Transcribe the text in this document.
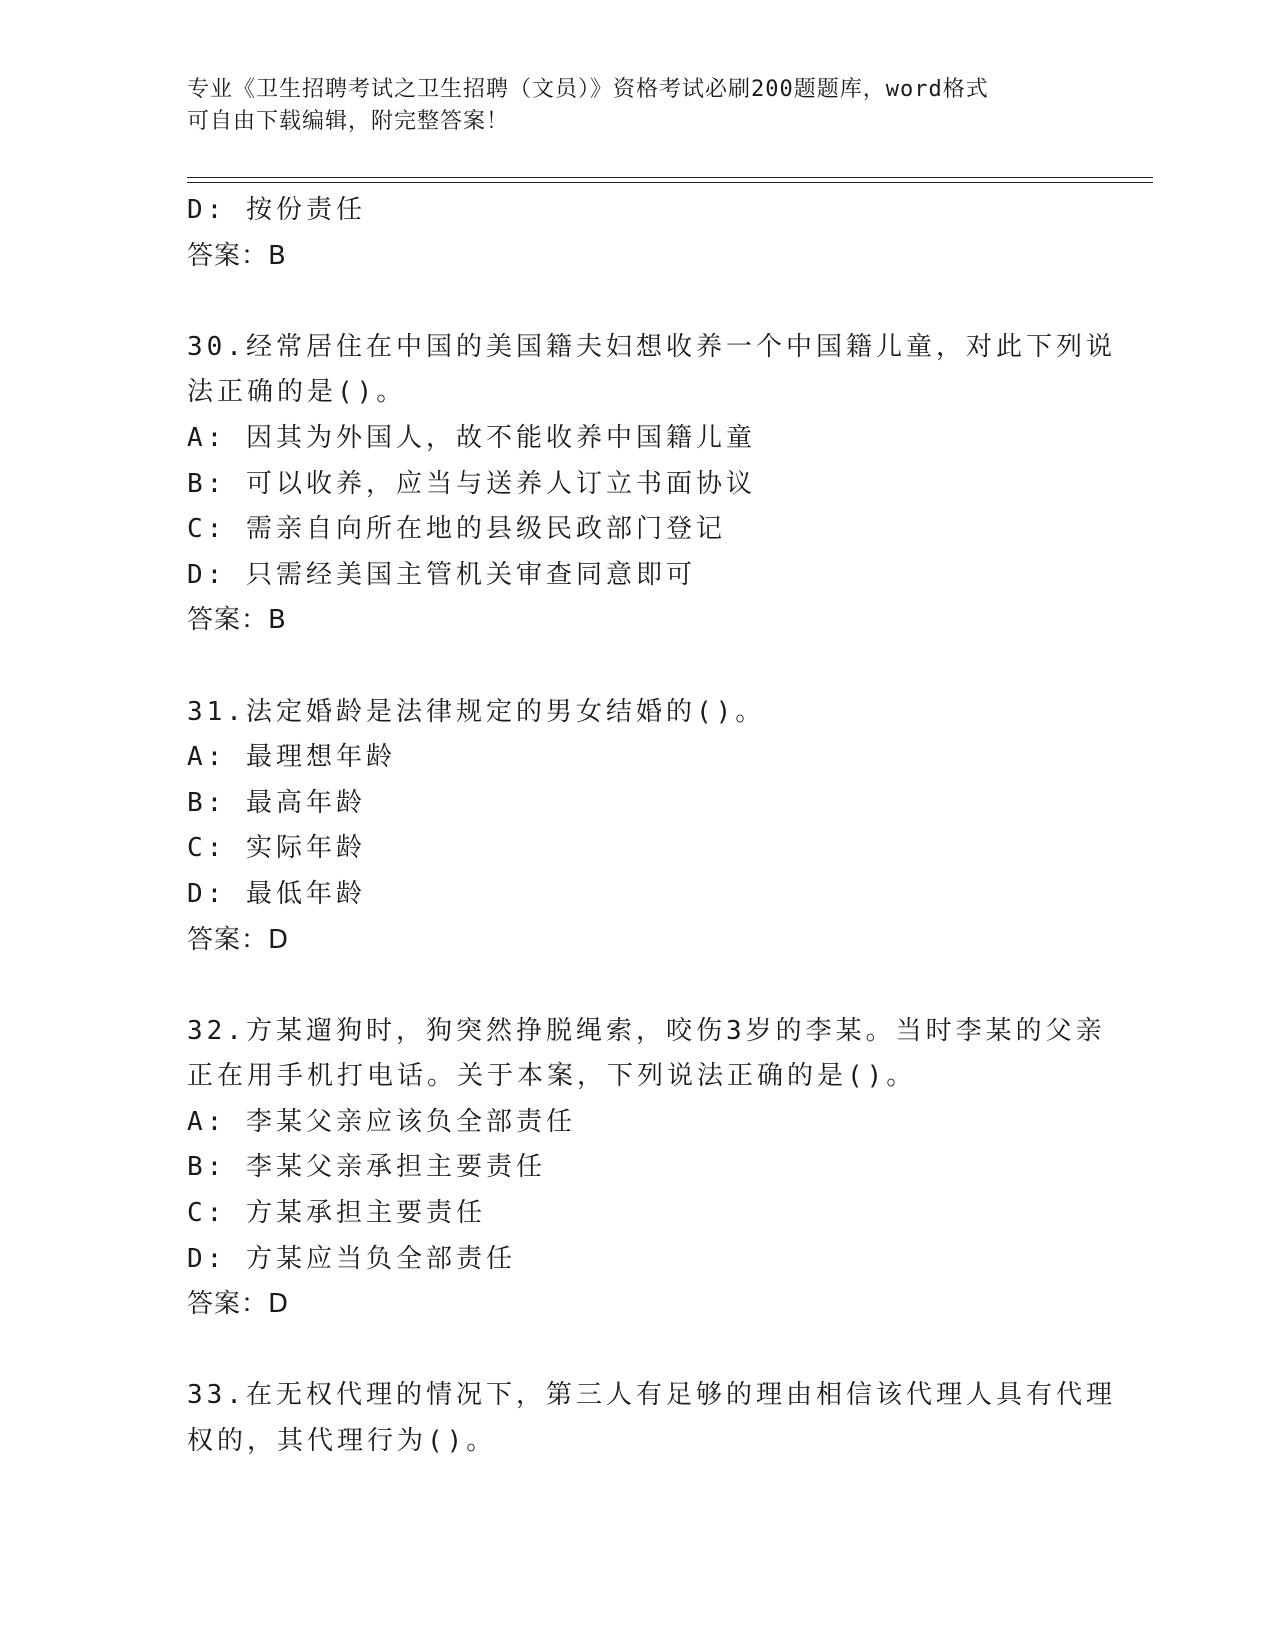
专业《卫生招聘考试之卫生招聘（文员）》资格考试必刷200题题库，word格式
可自由下载编辑，附完整答案！
D: 按份责任
答案：B
30.经常居住在中国的美国籍夫妇想收养一个中国籍儿童，对此下列说
法正确的是()。
A: 因其为外国人，故不能收养中国籍儿童
B: 可以收养，应当与送养人订立书面协议
C: 需亲自向所在地的县级民政部门登记
D: 只需经美国主管机关审查同意即可
答案：B
31.法定婚龄是法律规定的男女结婚的()。
A: 最理想年龄
B: 最高年龄
C: 实际年龄
D: 最低年龄
答案：D
32.方某遛狗时，狗突然挣脱绳索，咬伤3岁的李某。当时李某的父亲
正在用手机打电话。关于本案，下列说法正确的是()。
A: 李某父亲应该负全部责任
B: 李某父亲承担主要责任
C: 方某承担主要责任
D: 方某应当负全部责任
答案：D
33.在无权代理的情况下，第三人有足够的理由相信该代理人具有代理
权的，其代理行为()。
